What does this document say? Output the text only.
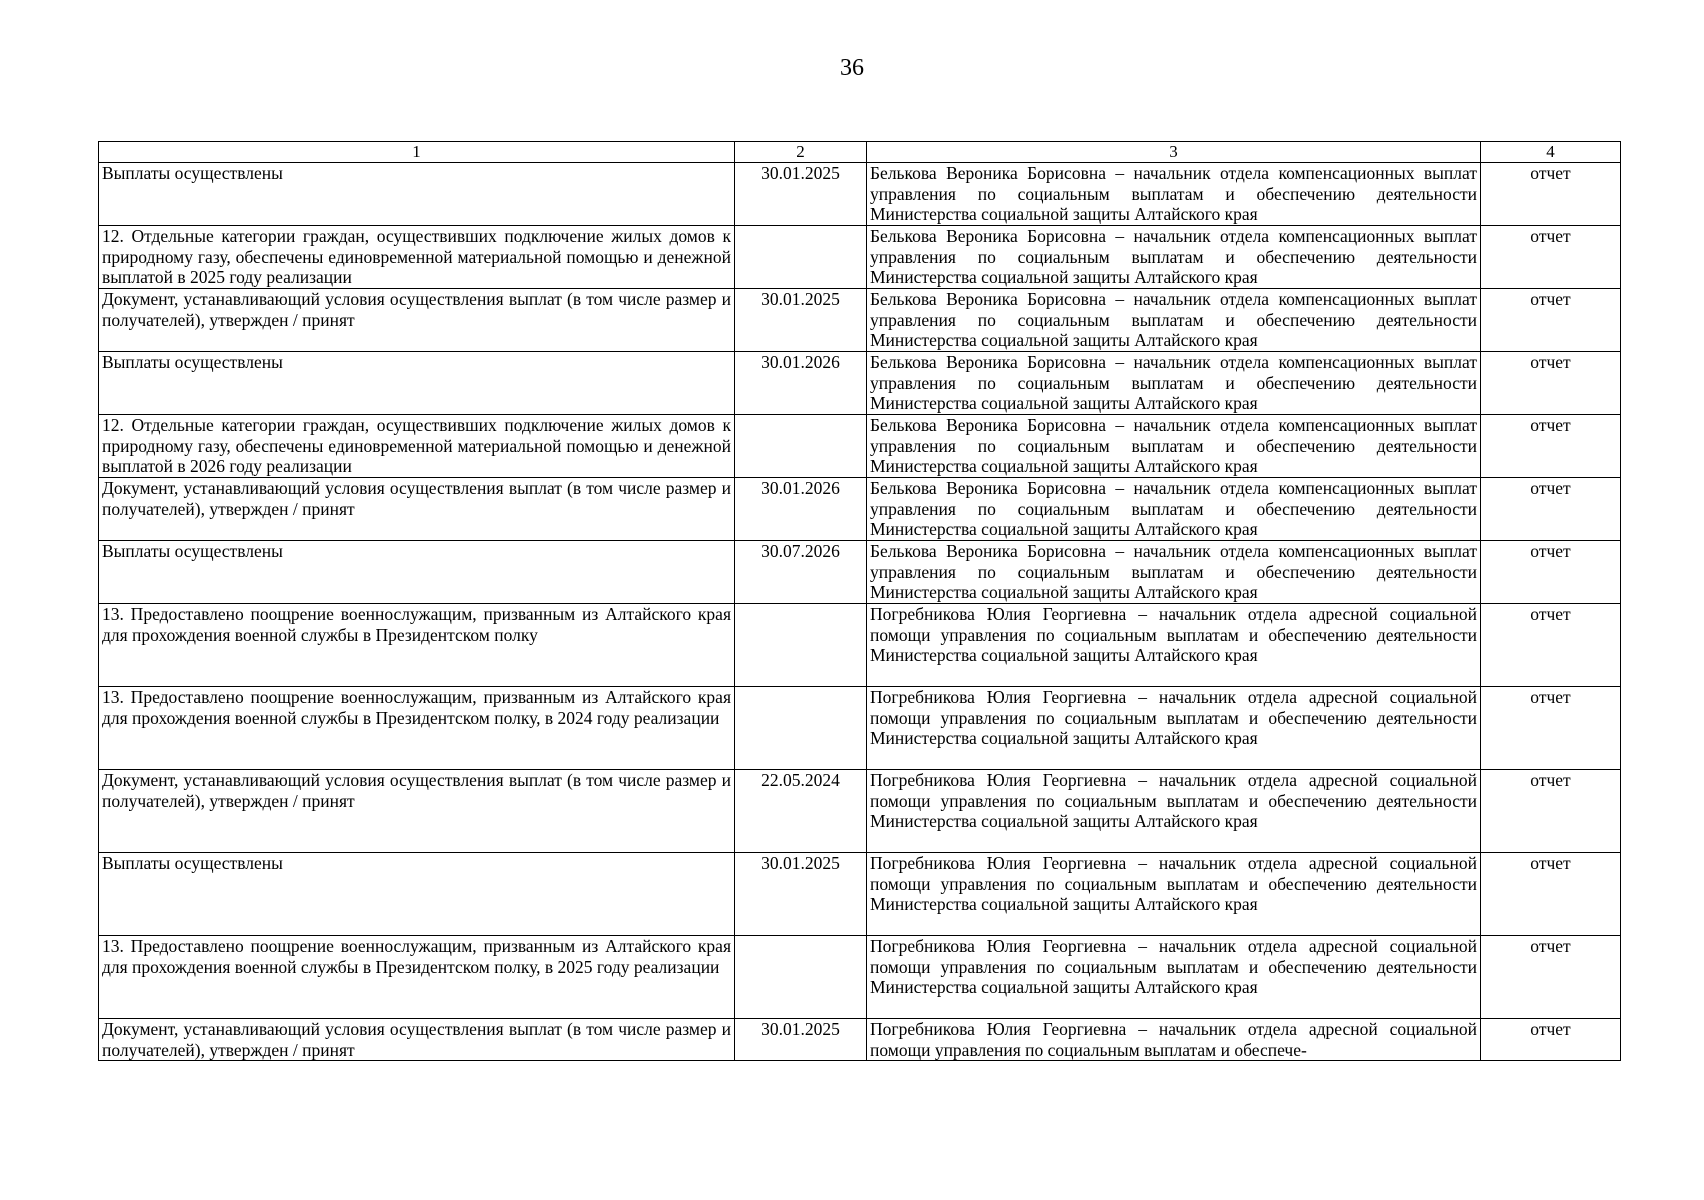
36
1	2	3	4
Выплаты осуществлены	30.01.2025	Белькова Вероника Борисовна – начальник отдела компенсационных выплат управления по социальным выплатам и обеспечению деятельности Министерства социальной защиты Алтайского края	отчет
12. Отдельные категории граждан, осуществивших подключение жилых домов к природному газу, обеспечены единовременной материальной помощью и денежной выплатой в 2025 году реализации		Белькова Вероника Борисовна – начальник отдела компенсационных выплат управления по социальным выплатам и обеспечению деятельности Министерства социальной защиты Алтайского края	отчет
Документ, устанавливающий условия осуществления выплат (в том числе размер и получателей), утвержден / принят	30.01.2025	Белькова Вероника Борисовна – начальник отдела компенсационных выплат управления по социальным выплатам и обеспечению деятельности Министерства социальной защиты Алтайского края	отчет
Выплаты осуществлены	30.01.2026	Белькова Вероника Борисовна – начальник отдела компенсационных выплат управления по социальным выплатам и обеспечению деятельности Министерства социальной защиты Алтайского края	отчет
12. Отдельные категории граждан, осуществивших подключение жилых домов к природному газу, обеспечены единовременной материальной помощью и денежной выплатой в 2026 году реализации		Белькова Вероника Борисовна – начальник отдела компенсационных выплат управления по социальным выплатам и обеспечению деятельности Министерства социальной защиты Алтайского края	отчет
Документ, устанавливающий условия осуществления выплат (в том числе размер и получателей), утвержден / принят	30.01.2026	Белькова Вероника Борисовна – начальник отдела компенсационных выплат управления по социальным выплатам и обеспечению деятельности Министерства социальной защиты Алтайского края	отчет
Выплаты осуществлены	30.07.2026	Белькова Вероника Борисовна – начальник отдела компенсационных выплат управления по социальным выплатам и обеспечению деятельности Министерства социальной защиты Алтайского края	отчет
13. Предоставлено поощрение военнослужащим, призванным из Алтайского края для прохождения военной службы в Президентском полку		Погребникова Юлия Георгиевна – начальник отдела адресной социальной помощи управления по социальным выплатам и обеспечению деятельности Министерства социальной защиты Алтайского края	отчет
13. Предоставлено поощрение военнослужащим, призванным из Алтайского края для прохождения военной службы в Президентском полку, в 2024 году реализации		Погребникова Юлия Георгиевна – начальник отдела адресной социальной помощи управления по социальным выплатам и обеспечению деятельности Министерства социальной защиты Алтайского края	отчет
Документ, устанавливающий условия осуществления выплат (в том числе размер и получателей), утвержден / принят	22.05.2024	Погребникова Юлия Георгиевна – начальник отдела адресной социальной помощи управления по социальным выплатам и обеспечению деятельности Министерства социальной защиты Алтайского края	отчет
Выплаты осуществлены	30.01.2025	Погребникова Юлия Георгиевна – начальник отдела адресной социальной помощи управления по социальным выплатам и обеспечению деятельности Министерства социальной защиты Алтайского края	отчет
13. Предоставлено поощрение военнослужащим, призванным из Алтайского края для прохождения военной службы в Президентском полку, в 2025 году реализации		Погребникова Юлия Георгиевна – начальник отдела адресной социальной помощи управления по социальным выплатам и обеспечению деятельности Министерства социальной защиты Алтайского края	отчет
Документ, устанавливающий условия осуществления выплат (в том числе размер и получателей), утвержден / принят	30.01.2025	Погребникова Юлия Георгиевна – начальник отдела адресной социальной помощи управления по социальным выплатам и обеспече-	отчет
